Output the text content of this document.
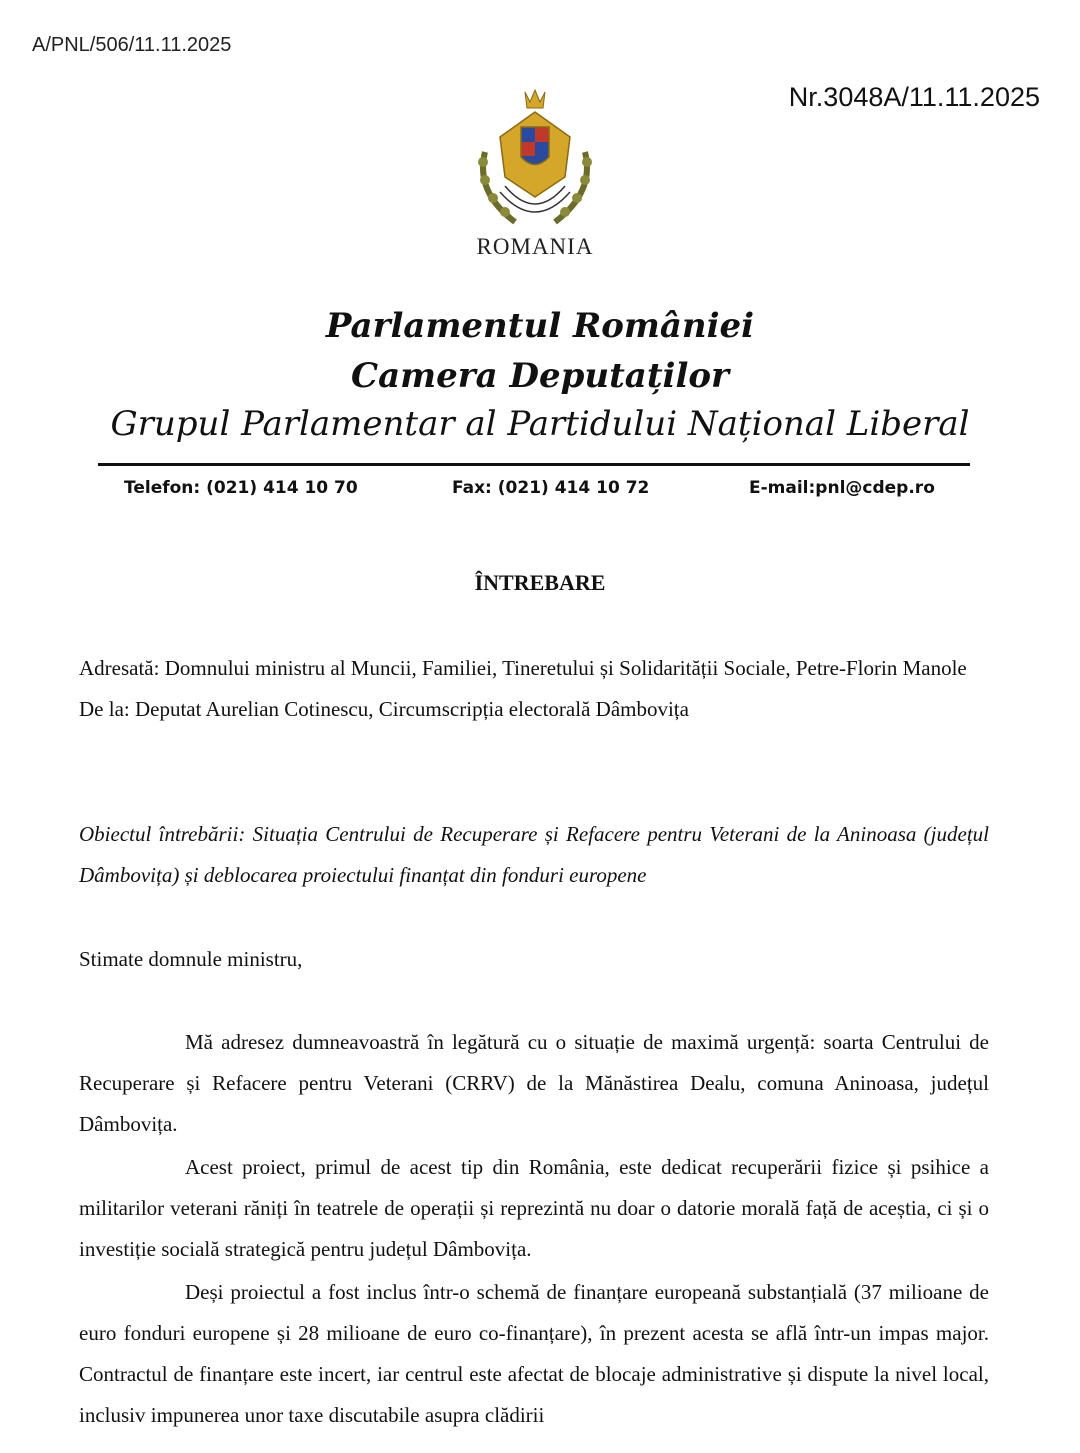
A/PNL/506/11.11.2025
Nr.3048A/11.11.2025
ROMANIA
Parlamentul României
Camera Deputaților
Grupul Parlamentar al Partidului Național Liberal
Telefon: (021) 414 10 70	Fax: (021) 414 10 72	E-mail:pnl@cdep.ro
ÎNTREBARE

Adresată: Domnului ministru al Muncii, Familiei, Tineretului și Solidarității Sociale, Petre-Florin Manole

De la: Deputat Aurelian Cotinescu, Circumscripția electorală Dâmbovița

Obiectul întrebării: Situația Centrului de Recuperare și Refacere pentru Veterani de la Aninoasa (județul Dâmbovița) și deblocarea proiectului finanțat din fonduri europene
Stimate domnule ministru,

Mă adresez dumneavoastră în legătură cu o situație de maximă urgență: soarta Centrului de Recuperare și Refacere pentru Veterani (CRRV) de la Mănăstirea Dealu, comuna Aninoasa, județul Dâmbovița.

Acest proiect, primul de acest tip din România, este dedicat recuperării fizice și psihice a militarilor veterani răniți în teatrele de operații și reprezintă nu doar o datorie morală față de aceștia, ci și o investiție socială strategică pentru județul Dâmbovița.

Deși proiectul a fost inclus într-o schemă de finanțare europeană substanțială (37 milioane de euro fonduri europene și 28 milioane de euro co-finanțare), în prezent acesta se află într-un impas major. Contractul de finanțare este incert, iar centrul este afectat de blocaje administrative și dispute la nivel local, inclusiv impunerea unor taxe discutabile asupra clădirii
